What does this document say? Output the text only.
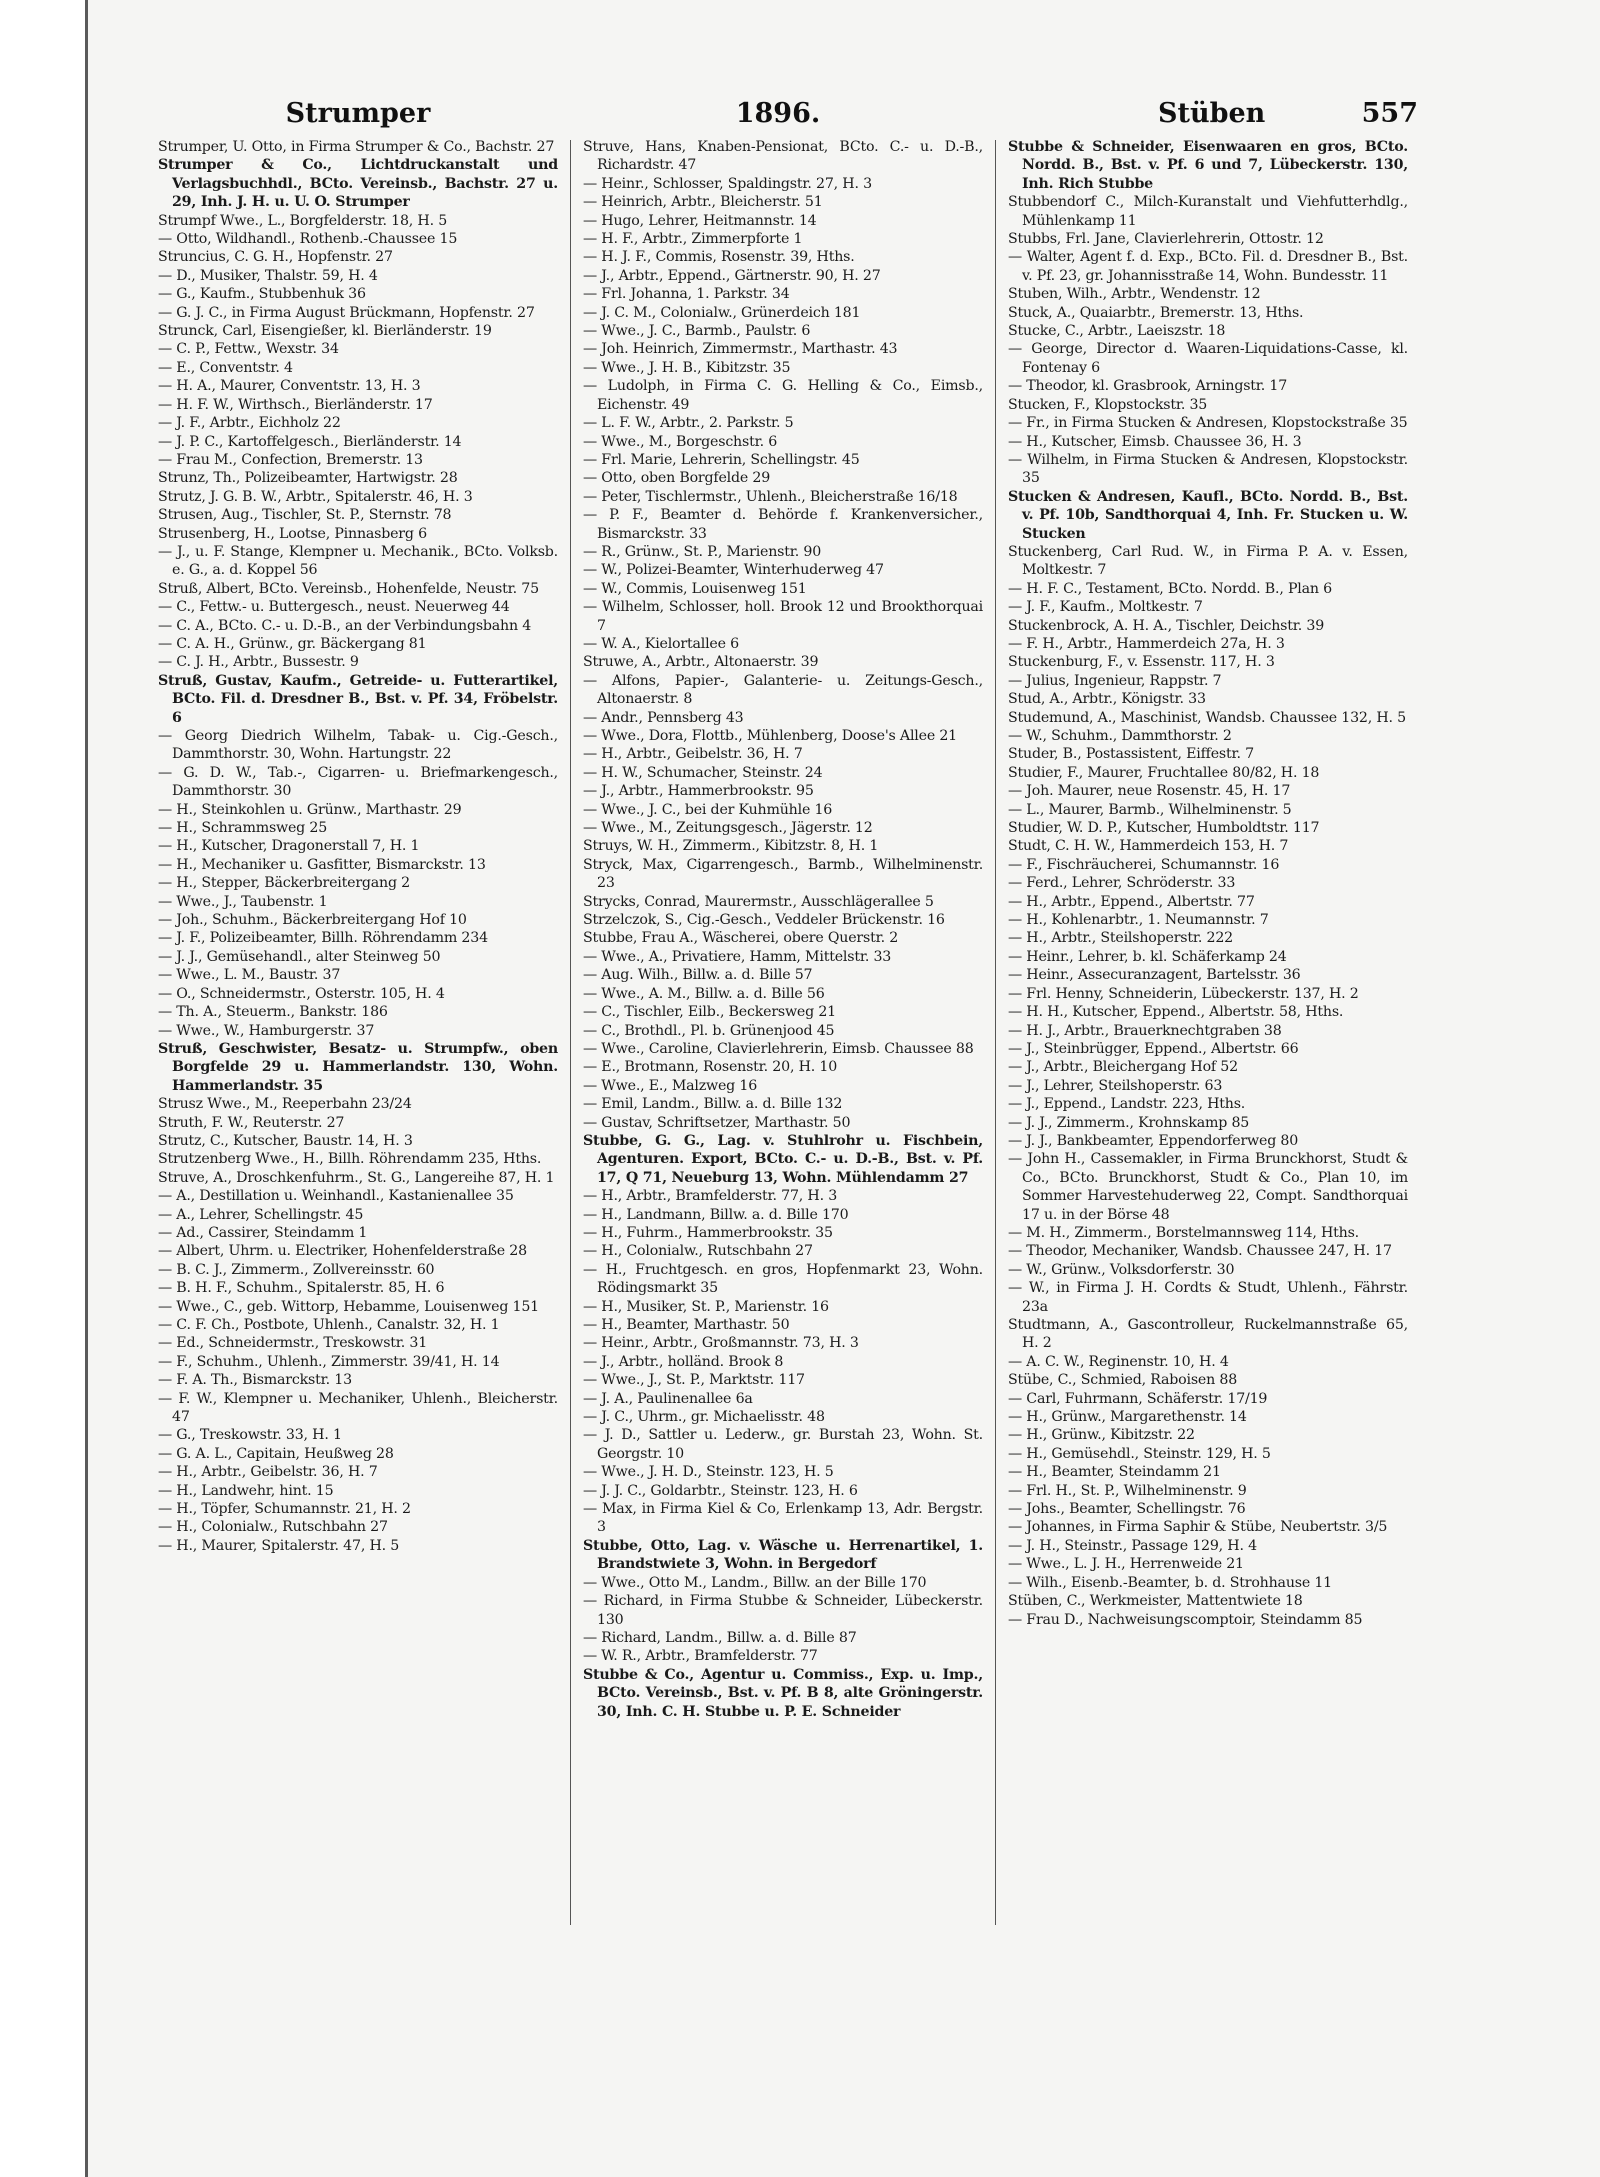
Strumper	1896.	Stüben	557

Strumper, U. Otto, in Firma Strumper & Co., Bachstr. 27

Strumper & Co., Lichtdruckanstalt und Verlagsbuchhdl., BCto. Vereinsb., Bachstr. 27 u. 29, Inh. J. H. u. U. O. Strumper

Strumpf Wwe., L., Borgfelderstr. 18, H. 5

— Otto, Wildhandl., Rothenb.-Chaussee 15

Struncius, C. G. H., Hopfenstr. 27

— D., Musiker, Thalstr. 59, H. 4

— G., Kaufm., Stubbenhuk 36

— G. J. C., in Firma August Brückmann, Hopfenstr. 27

Strunck, Carl, Eisengießer, kl. Bierländerstr. 19

— C. P., Fettw., Wexstr. 34

— E., Conventstr. 4

— H. A., Maurer, Conventstr. 13, H. 3

— H. F. W., Wirthsch., Bierländerstr. 17

— J. F., Arbtr., Eichholz 22

— J. P. C., Kartoffelgesch., Bierländerstr. 14

— Frau M., Confection, Bremerstr. 13

Strunz, Th., Polizeibeamter, Hartwigstr. 28

Strutz, J. G. B. W., Arbtr., Spitalerstr. 46, H. 3

Strusen, Aug., Tischler, St. P., Sternstr. 78

Strusenberg, H., Lootse, Pinnasberg 6

— J., u. F. Stange, Klempner u. Mechanik., BCto. Volksb. e. G., a. d. Koppel 56

Struß, Albert, BCto. Vereinsb., Hohenfelde, Neustr. 75

— C., Fettw.- u. Buttergesch., neust. Neuerweg 44

— C. A., BCto. C.- u. D.-B., an der Verbindungsbahn 4

— C. A. H., Grünw., gr. Bäckergang 81

— C. J. H., Arbtr., Bussestr. 9

Struß, Gustav, Kaufm., Getreide- u. Futterartikel, BCto. Fil. d. Dresdner B., Bst. v. Pf. 34, Fröbelstr. 6

— Georg Diedrich Wilhelm, Tabak- u. Cig.-Gesch., Dammthorstr. 30, Wohn. Hartungstr. 22

— G. D. W., Tab.-, Cigarren- u. Briefmarkengesch., Dammthorstr. 30

— H., Steinkohlen u. Grünw., Marthastr. 29

— H., Schrammsweg 25

— H., Kutscher, Dragonerstall 7, H. 1

— H., Mechaniker u. Gasfitter, Bismarckstr. 13

— H., Stepper, Bäckerbreitergang 2

— Wwe., J., Taubenstr. 1

— Joh., Schuhm., Bäckerbreitergang Hof 10

— J. F., Polizeibeamter, Billh. Röhrendamm 234

— J. J., Gemüsehandl., alter Steinweg 50

— Wwe., L. M., Baustr. 37

— O., Schneidermstr., Osterstr. 105, H. 4

— Th. A., Steuerm., Bankstr. 186

— Wwe., W., Hamburgerstr. 37

Struß, Geschwister, Besatz- u. Strumpfw., oben Borgfelde 29 u. Hammerlandstr. 130, Wohn. Hammerlandstr. 35

Strusz Wwe., M., Reeperbahn 23/24

Struth, F. W., Reuterstr. 27

Strutz, C., Kutscher, Baustr. 14, H. 3

Strutzenberg Wwe., H., Billh. Röhrendamm 235, Hths.

Struve, A., Droschkenfuhrm., St. G., Langereihe 87, H. 1

— A., Destillation u. Weinhandl., Kastanienallee 35

— A., Lehrer, Schellingstr. 45

— Ad., Cassirer, Steindamm 1

— Albert, Uhrm. u. Electriker, Hohenfelderstraße 28

— B. C. J., Zimmerm., Zollvereinsstr. 60

— B. H. F., Schuhm., Spitalerstr. 85, H. 6

— Wwe., C., geb. Wittorp, Hebamme, Louisenweg 151

— C. F. Ch., Postbote, Uhlenh., Canalstr. 32, H. 1

— Ed., Schneidermstr., Treskowstr. 31

— F., Schuhm., Uhlenh., Zimmerstr. 39/41, H. 14

— F. A. Th., Bismarckstr. 13

— F. W., Klempner u. Mechaniker, Uhlenh., Bleicherstr. 47

— G., Treskowstr. 33, H. 1

— G. A. L., Capitain, Heußweg 28

— H., Arbtr., Geibelstr. 36, H. 7

— H., Landwehr, hint. 15

— H., Töpfer, Schumannstr. 21, H. 2

— H., Colonialw., Rutschbahn 27

— H., Maurer, Spitalerstr. 47, H. 5

Struve, Hans, Knaben-Pensionat, BCto. C.- u. D.-B., Richardstr. 47

— Heinr., Schlosser, Spaldingstr. 27, H. 3

— Heinrich, Arbtr., Bleicherstr. 51

— Hugo, Lehrer, Heitmannstr. 14

— H. F., Arbtr., Zimmerpforte 1

— H. J. F., Commis, Rosenstr. 39, Hths.

— J., Arbtr., Eppend., Gärtnerstr. 90, H. 27

— Frl. Johanna, 1. Parkstr. 34

— J. C. M., Colonialw., Grünerdeich 181

— Wwe., J. C., Barmb., Paulstr. 6

— Joh. Heinrich, Zimmermstr., Marthastr. 43

— Wwe., J. H. B., Kibitzstr. 35

— Ludolph, in Firma C. G. Helling & Co., Eimsb., Eichenstr. 49

— L. F. W., Arbtr., 2. Parkstr. 5

— Wwe., M., Borgeschstr. 6

— Frl. Marie, Lehrerin, Schellingstr. 45

— Otto, oben Borgfelde 29

— Peter, Tischlermstr., Uhlenh., Bleicherstraße 16/18

— P. F., Beamter d. Behörde f. Krankenversicher., Bismarckstr. 33

— R., Grünw., St. P., Marienstr. 90

— W., Polizei-Beamter, Winterhuderweg 47

— W., Commis, Louisenweg 151

— Wilhelm, Schlosser, holl. Brook 12 und Brookthorquai 7

— W. A., Kielortallee 6

Struwe, A., Arbtr., Altonaerstr. 39

— Alfons, Papier-, Galanterie- u. Zeitungs-Gesch., Altonaerstr. 8

— Andr., Pennsberg 43

— Wwe., Dora, Flottb., Mühlenberg, Doose's Allee 21

— H., Arbtr., Geibelstr. 36, H. 7

— H. W., Schumacher, Steinstr. 24

— J., Arbtr., Hammerbrookstr. 95

— Wwe., J. C., bei der Kuhmühle 16

— Wwe., M., Zeitungsgesch., Jägerstr. 12

Struys, W. H., Zimmerm., Kibitzstr. 8, H. 1

Stryck, Max, Cigarrengesch., Barmb., Wilhelminenstr. 23

Strycks, Conrad, Maurermstr., Ausschlägerallee 5

Strzelczok, S., Cig.-Gesch., Veddeler Brückenstr. 16

Stubbe, Frau A., Wäscherei, obere Querstr. 2

— Wwe., A., Privatiere, Hamm, Mittelstr. 33

— Aug. Wilh., Billw. a. d. Bille 57

— Wwe., A. M., Billw. a. d. Bille 56

— C., Tischler, Eilb., Beckersweg 21

— C., Brothdl., Pl. b. Grünenjood 45

— Wwe., Caroline, Clavierlehrerin, Eimsb. Chaussee 88

— E., Brotmann, Rosenstr. 20, H. 10

— Wwe., E., Malzweg 16

— Emil, Landm., Billw. a. d. Bille 132

— Gustav, Schriftsetzer, Marthastr. 50

Stubbe, G. G., Lag. v. Stuhlrohr u. Fischbein, Agenturen. Export, BCto. C.- u. D.-B., Bst. v. Pf. 17, Q 71, Neueburg 13, Wohn. Mühlendamm 27

— H., Arbtr., Bramfelderstr. 77, H. 3

— H., Landmann, Billw. a. d. Bille 170

— H., Fuhrm., Hammerbrookstr. 35

— H., Colonialw., Rutschbahn 27

— H., Fruchtgesch. en gros, Hopfenmarkt 23, Wohn. Rödingsmarkt 35

— H., Musiker, St. P., Marienstr. 16

— H., Beamter, Marthastr. 50

— Heinr., Arbtr., Großmannstr. 73, H. 3

— J., Arbtr., holländ. Brook 8

— Wwe., J., St. P., Marktstr. 117

— J. A., Paulinenallee 6a

— J. C., Uhrm., gr. Michaelisstr. 48

— J. D., Sattler u. Lederw., gr. Burstah 23, Wohn. St. Georgstr. 10

— Wwe., J. H. D., Steinstr. 123, H. 5

— J. J. C., Goldarbtr., Steinstr. 123, H. 6

— Max, in Firma Kiel & Co, Erlenkamp 13, Adr. Bergstr. 3

Stubbe, Otto, Lag. v. Wäsche u. Herrenartikel, 1. Brandstwiete 3, Wohn. in Bergedorf

— Wwe., Otto M., Landm., Billw. an der Bille 170

— Richard, in Firma Stubbe & Schneider, Lübeckerstr. 130

— Richard, Landm., Billw. a. d. Bille 87

— W. R., Arbtr., Bramfelderstr. 77

Stubbe & Co., Agentur u. Commiss., Exp. u. Imp., BCto. Vereinsb., Bst. v. Pf. B 8, alte Gröningerstr. 30, Inh. C. H. Stubbe u. P. E. Schneider

Stubbe & Schneider, Eisenwaaren en gros, BCto. Nordd. B., Bst. v. Pf. 6 und 7, Lübeckerstr. 130, Inh. Rich Stubbe

Stubbendorf C., Milch-Kuranstalt und Viehfutterhdlg., Mühlenkamp 11

Stubbs, Frl. Jane, Clavierlehrerin, Ottostr. 12

— Walter, Agent f. d. Exp., BCto. Fil. d. Dresdner B., Bst. v. Pf. 23, gr. Johannisstraße 14, Wohn. Bundesstr. 11

Stuben, Wilh., Arbtr., Wendenstr. 12

Stuck, A., Quaiarbtr., Bremerstr. 13, Hths.

Stucke, C., Arbtr., Laeiszstr. 18

— George, Director d. Waaren-Liquidations-Casse, kl. Fontenay 6

— Theodor, kl. Grasbrook, Arningstr. 17

Stucken, F., Klopstockstr. 35

— Fr., in Firma Stucken & Andresen, Klopstockstraße 35

— H., Kutscher, Eimsb. Chaussee 36, H. 3

— Wilhelm, in Firma Stucken & Andresen, Klopstockstr. 35

Stucken & Andresen, Kaufl., BCto. Nordd. B., Bst. v. Pf. 10b, Sandthorquai 4, Inh. Fr. Stucken u. W. Stucken

Stuckenberg, Carl Rud. W., in Firma P. A. v. Essen, Moltkestr. 7

— H. F. C., Testament, BCto. Nordd. B., Plan 6

— J. F., Kaufm., Moltkestr. 7

Stuckenbrock, A. H. A., Tischler, Deichstr. 39

— F. H., Arbtr., Hammerdeich 27a, H. 3

Stuckenburg, F., v. Essenstr. 117, H. 3

— Julius, Ingenieur, Rappstr. 7

Stud, A., Arbtr., Königstr. 33

Studemund, A., Maschinist, Wandsb. Chaussee 132, H. 5

— W., Schuhm., Dammthorstr. 2

Studer, B., Postassistent, Eiffestr. 7

Studier, F., Maurer, Fruchtallee 80/82, H. 18

— Joh. Maurer, neue Rosenstr. 45, H. 17

— L., Maurer, Barmb., Wilhelminenstr. 5

Studier, W. D. P., Kutscher, Humboldtstr. 117

Studt, C. H. W., Hammerdeich 153, H. 7

— F., Fischräucherei, Schumannstr. 16

— Ferd., Lehrer, Schröderstr. 33

— H., Arbtr., Eppend., Albertstr. 77

— H., Kohlenarbtr., 1. Neumannstr. 7

— H., Arbtr., Steilshoperstr. 222

— Heinr., Lehrer, b. kl. Schäferkamp 24

— Heinr., Assecuranzagent, Bartelsstr. 36

— Frl. Henny, Schneiderin, Lübeckerstr. 137, H. 2

— H. H., Kutscher, Eppend., Albertstr. 58, Hths.

— H. J., Arbtr., Brauerknechtgraben 38

— J., Steinbrügger, Eppend., Albertstr. 66

— J., Arbtr., Bleichergang Hof 52

— J., Lehrer, Steilshoperstr. 63

— J., Eppend., Landstr. 223, Hths.

— J. J., Zimmerm., Krohnskamp 85

— J. J., Bankbeamter, Eppendorferweg 80

— John H., Cassemakler, in Firma Brunckhorst, Studt & Co., BCto. Brunckhorst, Studt & Co., Plan 10, im Sommer Harvestehuderweg 22, Compt. Sandthorquai 17 u. in der Börse 48

— M. H., Zimmerm., Borstelmannsweg 114, Hths.

— Theodor, Mechaniker, Wandsb. Chaussee 247, H. 17

— W., Grünw., Volksdorferstr. 30

— W., in Firma J. H. Cordts & Studt, Uhlenh., Fährstr. 23a

Studtmann, A., Gascontrolleur, Ruckelmannstraße 65, H. 2

— A. C. W., Reginenstr. 10, H. 4

Stübe, C., Schmied, Raboisen 88

— Carl, Fuhrmann, Schäferstr. 17/19

— H., Grünw., Margarethenstr. 14

— H., Grünw., Kibitzstr. 22

— H., Gemüsehdl., Steinstr. 129, H. 5

— H., Beamter, Steindamm 21

— Frl. H., St. P., Wilhelminenstr. 9

— Johs., Beamter, Schellingstr. 76

— Johannes, in Firma Saphir & Stübe, Neubertstr. 3/5

— J. H., Steinstr., Passage 129, H. 4

— Wwe., L. J. H., Herrenweide 21

— Wilh., Eisenb.-Beamter, b. d. Strohhause 11

Stüben, C., Werkmeister, Mattentwiete 18

— Frau D., Nachweisungscomptoir, Steindamm 85
